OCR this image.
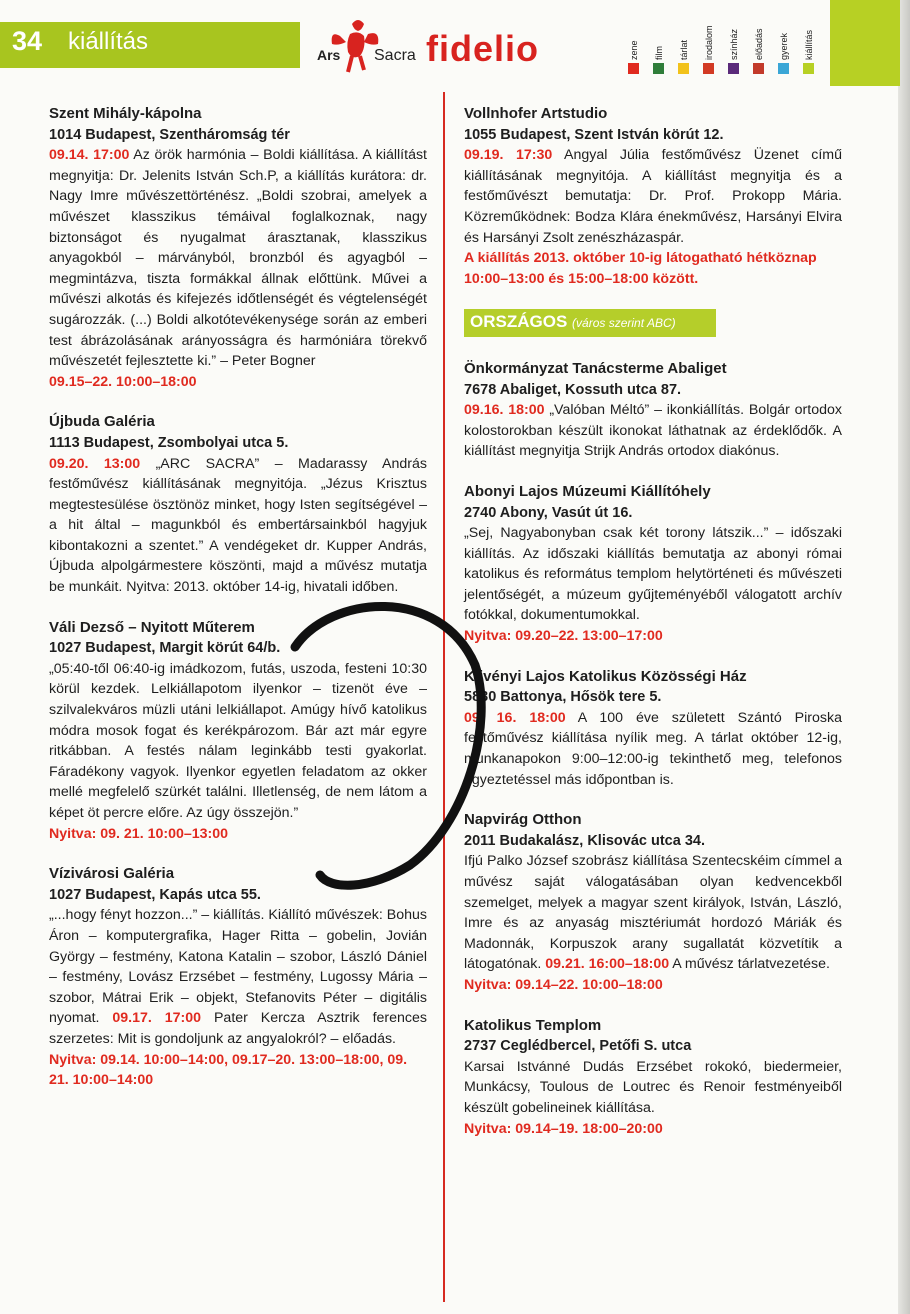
34 kiállítás	Ars Sacra fidelio	zene film tárlat irodalom színház előadás gyerek kiállítás
Szent Mihály-kápolna
1014 Budapest, Szentháromság tér
09.14. 17:00 Az örök harmónia – Boldi kiállítása. A kiállítást megnyitja: Dr. Jelenits István Sch.P, a kiállítás kurátora: dr. Nagy Imre művészettörténész. „Boldi szobrai, amelyek a művészet klasszikus témáival foglalkoznak, nagy biztonságot és nyugalmat árasztanak, klasszikus anyagokból – márványból, bronzból és agyagból – megmintázva, tiszta formákkal állnak előttünk. Művei a művészi alkotás és kifejezés időtlenségét és végtelenségét sugározzák. (...) Boldi alkotótevékenysége során az emberi test ábrázolásának arányosságra és harmóniára törekvő művészetét fejlesztette ki.” – Peter Bogner
09.15–22. 10:00–18:00
Újbuda Galéria
1113 Budapest, Zsombolyai utca 5.
09.20. 13:00 „ARC SACRA” – Madarassy András festőművész kiállításának megnyitója. „Jézus Krisztus megtestesülése ösztönöz minket, hogy Isten segítségével – a hit által – magunkból és embertársainkból hagyjuk kibontakozni a szentet.” A vendégeket dr. Kupper András, Újbuda alpolgármestere köszönti, majd a művész mutatja be munkáit. Nyitva: 2013. október 14-ig, hivatali időben.
Váli Dezső – Nyitott Műterem
1027 Budapest, Margit körút 64/b.
„05:40-től 06:40-ig imádkozom, futás, uszoda, festeni 10:30 körül kezdek. Lelkiállapotom ilyenkor – tizenöt éve – szilvalekváros müzli utáni lelkiállapot. Amúgy hívő katolikus módra mosok fogat és kerékpározom. Bár azt már egyre ritkábban. A festés nálam leginkább testi gyakorlat. Fáradékony vagyok. Ilyenkor egyetlen feladatom az okker mellé megfelelő szürkét találni. Illetlenség, de nem látom a képet öt percre előre. Az úgy összejön.”
Nyitva: 09. 21. 10:00–13:00
Vízivárosi Galéria
1027 Budapest, Kapás utca 55.
„...hogy fényt hozzon...” – kiállítás. Kiállító művészek: Bohus Áron – komputergrafika, Hager Ritta – gobelin, Jovián György – festmény, Katona Katalin – szobor, László Dániel – festmény, Lovász Erzsébet – festmény, Lugossy Mária – szobor, Mátrai Erik – objekt, Stefanovits Péter – digitális nyomat. 09.17. 17:00 Pater Kercza Asztrik ferences szerzetes: Mit is gondoljunk az angyalokról? – előadás.
Nyitva: 09.14. 10:00–14:00, 09.17–20. 13:00–18:00, 09. 21. 10:00–14:00
Vollnhofer Artstudio
1055 Budapest, Szent István körút 12.
09.19. 17:30 Angyal Júlia festőművész Üzenet című kiállításának megnyitója. A kiállítást megnyitja és a festőművészt bemutatja: Dr. Prof. Prokopp Mária. Közreműködnek: Bodza Klára énekművész, Harsányi Elvira és Harsányi Zsolt zenészházaspár.
A kiállítás 2013. október 10-ig látogatható hétköznap 10:00–13:00 és 15:00–18:00 között.
ORSZÁGOS (város szerint ABC)
Önkormányzat Tanácsterme Abaliget
7678 Abaliget, Kossuth utca 87.
09.16. 18:00 „Valóban Méltó” – ikonkiállítás. Bolgár ortodox kolostorokban készült ikonokat láthatnak az érdeklődők. A kiállítást megnyitja Strijk András ortodox diakónus.
Abonyi Lajos Múzeumi Kiállítóhely
2740 Abony, Vasút út 16.
„Sej, Nagyabonyban csak két torony látszik...” – időszaki kiállítás. Az időszaki kiállítás bemutatja az abonyi római katolikus és református templom helytörténeti és művészeti jelentőségét, a múzeum gyűjteményéből válogatott archív fotókkal, dokumentumokkal.
Nyitva: 09.20–22. 13:00–17:00
Klivényi Lajos Katolikus Közösségi Ház
5830 Battonya, Hősök tere 5.
09. 16. 18:00 A 100 éve született Szántó Piroska festőművész kiállítása nyílik meg. A tárlat október 12-ig, munkanapokon 9:00–12:00-ig tekinthető meg, telefonos egyeztetéssel más időpontban is.
Napvirág Otthon
2011 Budakalász, Klisovác utca 34.
Ifjú Palko József szobrász kiállítása Szentecskéim címmel a művész saját válogatásában olyan kedvencekből szemelget, melyek a magyar szent királyok, István, László, Imre és az anyaság misztériumát hordozó Máriák és Madonnák, Korpuszok arany sugallatát közvetítik a látogatónak. 09.21. 16:00–18:00 A művész tárlatvezetése.
Nyitva: 09.14–22. 10:00–18:00
Katolikus Templom
2737 Ceglédbercel, Petőfi S. utca
Karsai Istvánné Dudás Erzsébet rokokó, biedermeier, Munkácsy, Toulous de Loutrec és Renoir festményeiből készült gobelineinek kiállítása.
Nyitva: 09.14–19. 18:00–20:00
